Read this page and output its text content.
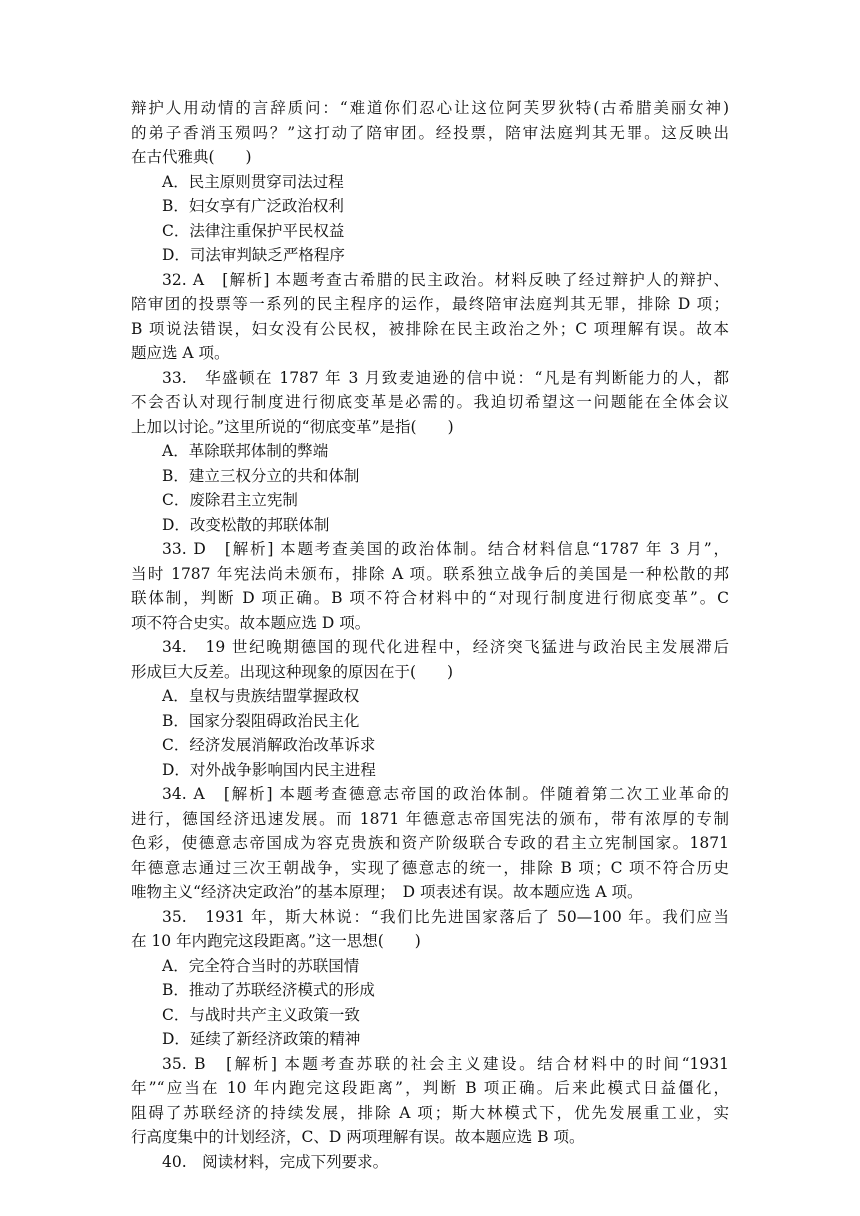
辩护人用动情的言辞质问：“难道你们忍心让这位阿芙罗狄特(古希腊美丽女神)
的弟子香消玉殒吗？”这打动了陪审团。经投票，陪审法庭判其无罪。这反映出
在古代雅典(　　)
A．民主原则贯穿司法过程
B．妇女享有广泛政治权利
C．法律注重保护平民权益
D．司法审判缺乏严格程序
32. A　[解析] 本题考查古希腊的民主政治。材料反映了经过辩护人的辩护、
陪审团的投票等一系列的民主程序的运作，最终陪审法庭判其无罪，排除 D 项；
B 项说法错误，妇女没有公民权，被排除在民主政治之外；C 项理解有误。故本
题应选 A 项。
33.　华盛顿在 1787 年 3 月致麦迪逊的信中说：“凡是有判断能力的人，都
不会否认对现行制度进行彻底变革是必需的。我迫切希望这一问题能在全体会议
上加以讨论。”这里所说的“彻底变革”是指(　　)
A．革除联邦体制的弊端
B．建立三权分立的共和体制
C．废除君主立宪制
D．改变松散的邦联体制
33. D　[解析] 本题考查美国的政治体制。结合材料信息“1787 年 3 月”，
当时 1787 年宪法尚未颁布，排除 A 项。联系独立战争后的美国是一种松散的邦
联体制，判断 D 项正确。B 项不符合材料中的“对现行制度进行彻底变革”。C
项不符合史实。故本题应选 D 项。
34.　19 世纪晚期德国的现代化进程中，经济突飞猛进与政治民主发展滞后
形成巨大反差。出现这种现象的原因在于(　　)
A．皇权与贵族结盟掌握政权
B．国家分裂阻碍政治民主化
C．经济发展消解政治改革诉求
D．对外战争影响国内民主进程
34. A　[解析] 本题考查德意志帝国的政治体制。伴随着第二次工业革命的
进行，德国经济迅速发展。而 1871 年德意志帝国宪法的颁布，带有浓厚的专制
色彩，使德意志帝国成为容克贵族和资产阶级联合专政的君主立宪制国家。1871
年德意志通过三次王朝战争，实现了德意志的统一，排除 B 项；C 项不符合历史
唯物主义“经济决定政治”的基本原理；　D 项表述有误。故本题应选 A 项。
35.　1931 年，斯大林说：“我们比先进国家落后了 50—100 年。我们应当
在 10 年内跑完这段距离。”这一思想(　　)
A．完全符合当时的苏联国情
B．推动了苏联经济模式的形成
C．与战时共产主义政策一致
D．延续了新经济政策的精神
35. B　[解析] 本题考查苏联的社会主义建设。结合材料中的时间“1931
年”“应当在 10 年内跑完这段距离”，判断 B 项正确。后来此模式日益僵化，
阻碍了苏联经济的持续发展，排除 A 项；斯大林模式下，优先发展重工业，实
行高度集中的计划经济，C、D 两项理解有误。故本题应选 B 项。
40.　阅读材料，完成下列要求。
